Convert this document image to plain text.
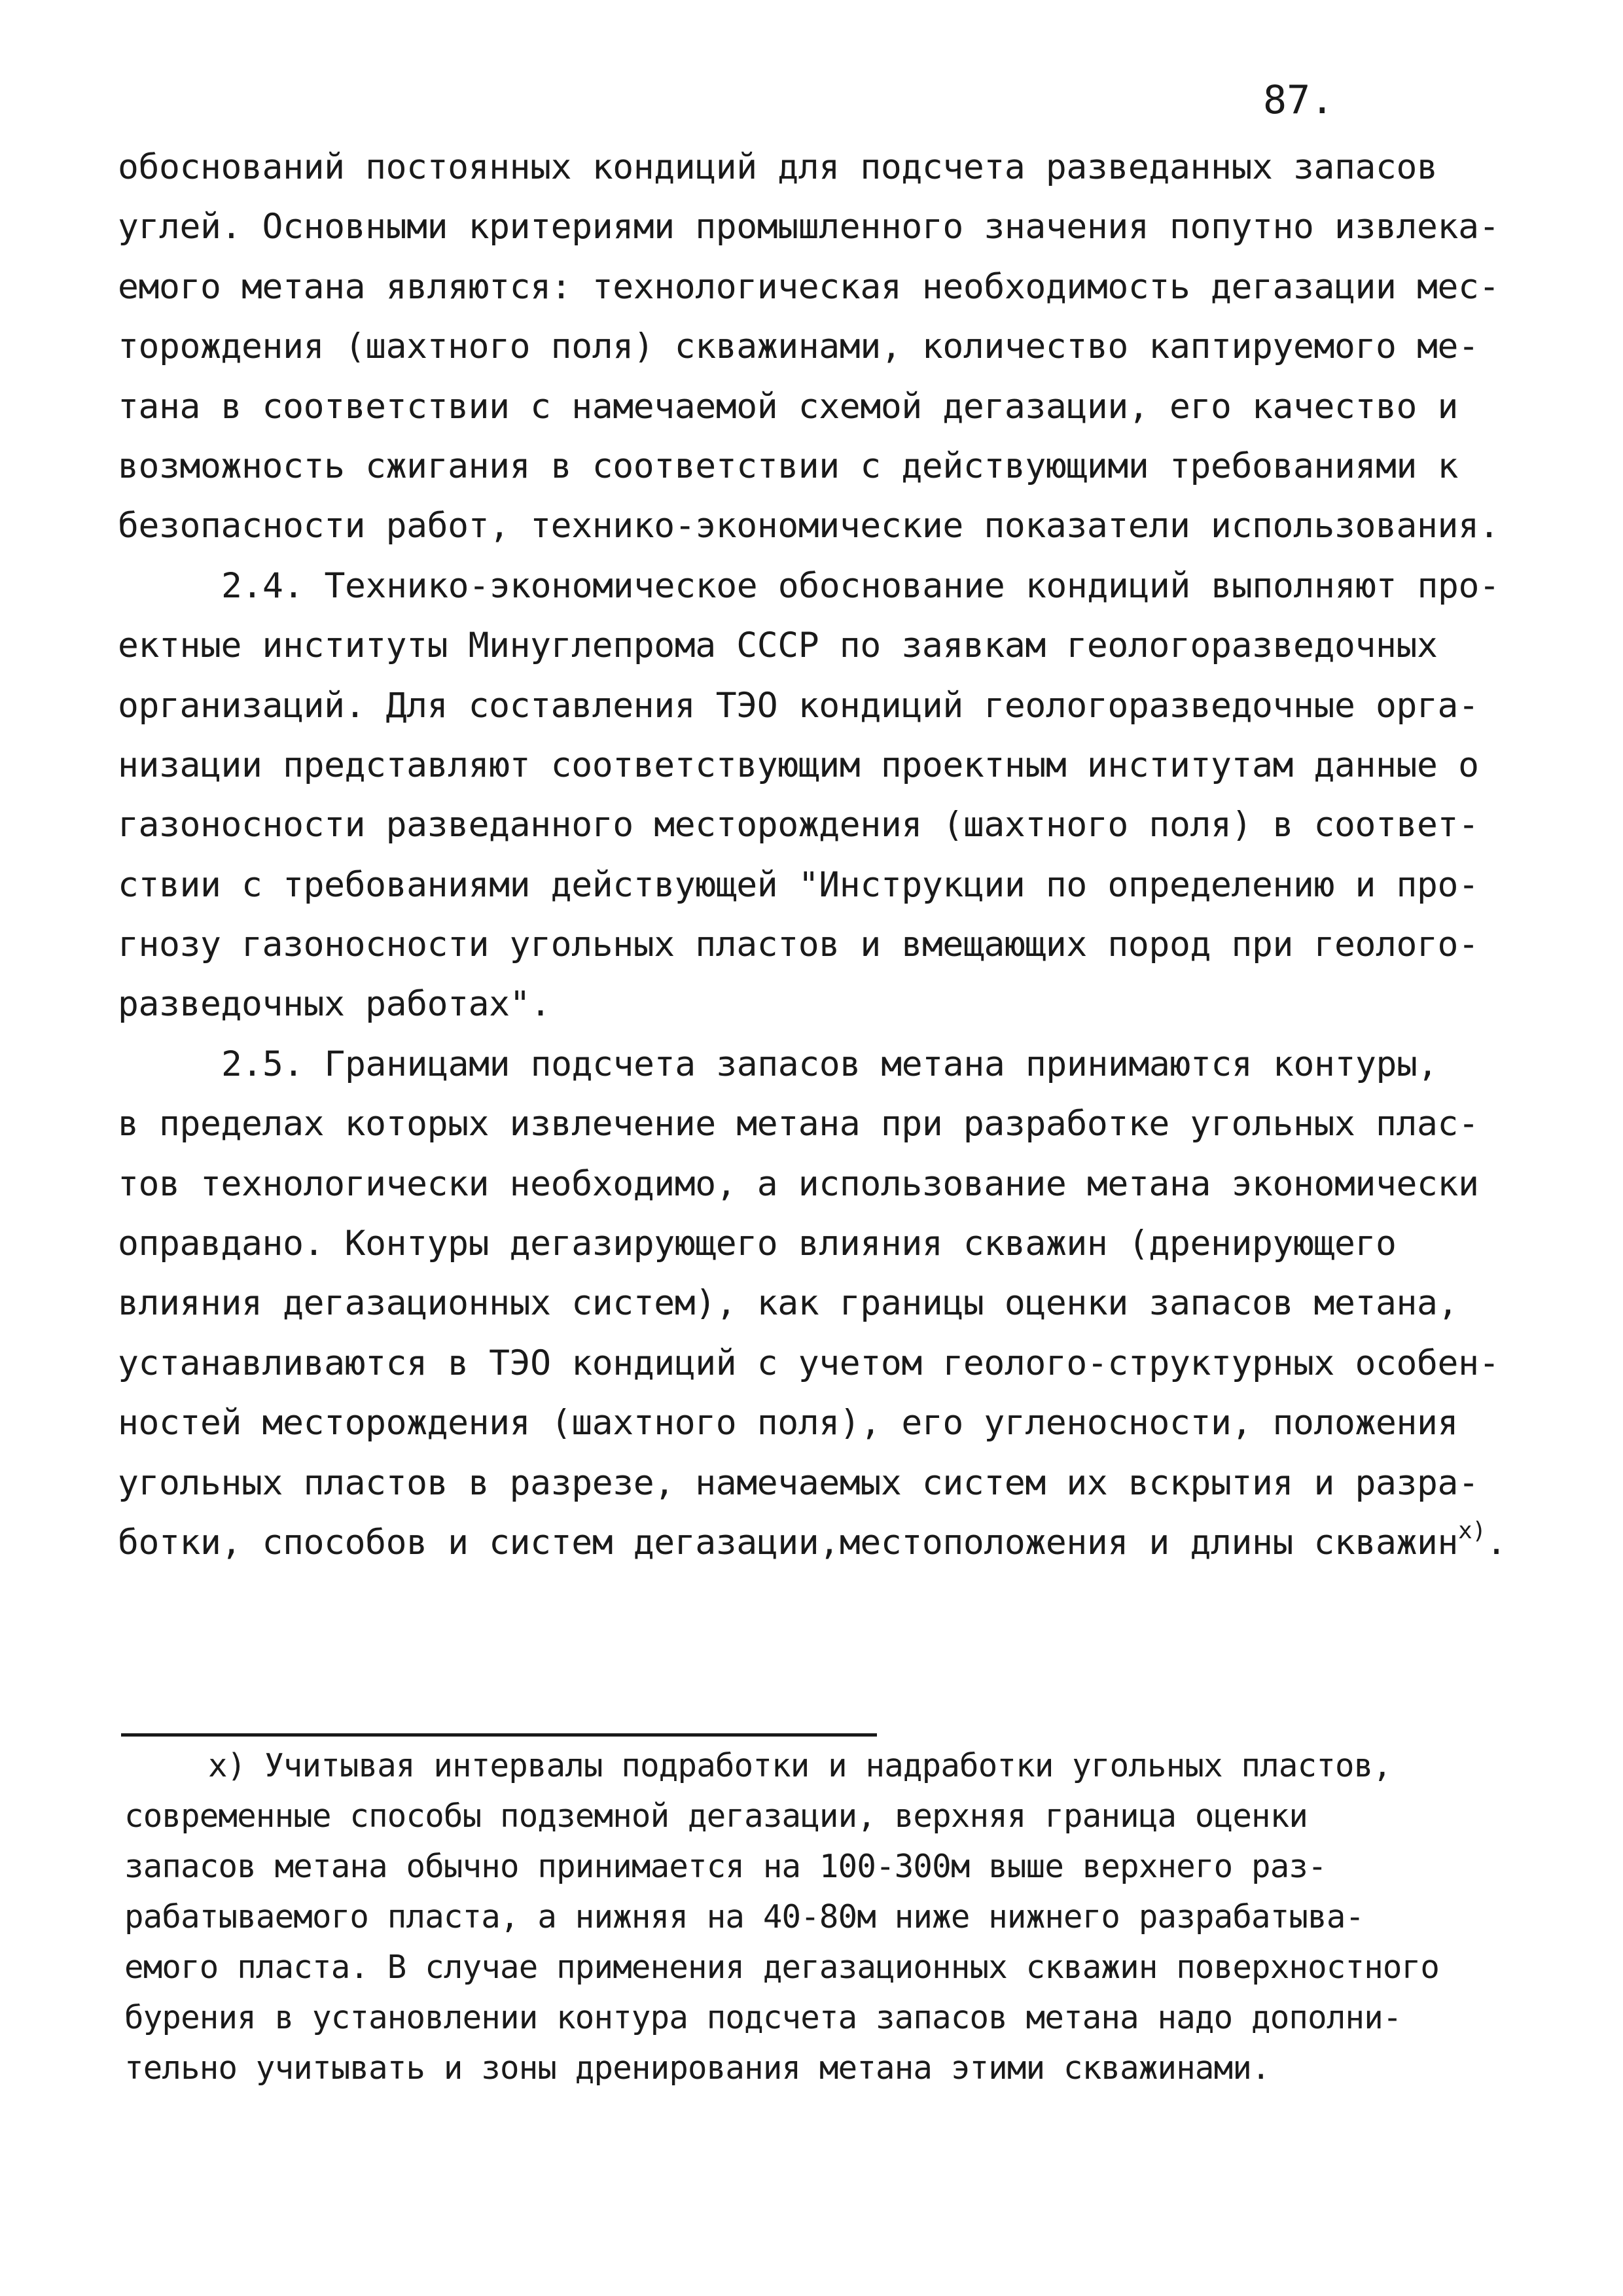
87.
обоснований постоянных кондиций для подсчета разведанных запасов
углей. Основными критериями промышленного значения попутно извлека-
емого метана являются: технологическая необходимость дегазации мес-
торождения (шахтного поля) скважинами, количество каптируемого ме-
тана в соответствии с намечаемой схемой дегазации, его качество и
возможность сжигания в соответствии с действующими требованиями к
безопасности работ, технико-экономические показатели использования.
2.4. Технико-экономическое обоснование кондиций выполняют про-
ектные институты Минуглепрома СССР по заявкам геологоразведочных
организаций. Для составления ТЭО кондиций геологоразведочные орга-
низации представляют соответствующим проектным институтам данные о
газоносности разведанного месторождения (шахтного поля) в соответ-
ствии с требованиями действующей "Инструкции по определению и про-
гнозу газоносности угольных пластов и вмещающих пород при геолого-
разведочных работах".
2.5. Границами подсчета запасов метана принимаются контуры,
в пределах которых извлечение метана при разработке угольных плас-
тов технологически необходимо, а использование метана экономически
оправдано. Контуры дегазирующего влияния скважин (дренирующего
влияния дегазационных систем), как границы оценки запасов метана,
устанавливаются в ТЭО кондиций с учетом геолого-структурных особен-
ностей месторождения (шахтного поля), его угленосности, положения
угольных пластов в разрезе, намечаемых систем их вскрытия и разра-
ботки, способов и систем дегазации,местоположения и длины скважин$^{x)}$.
x) Учитывая интервалы подработки и надработки угольных пластов,
современные способы подземной дегазации, верхняя граница оценки
запасов метана обычно принимается на 100-300м выше верхнего раз-
рабатываемого пласта, а нижняя на 40-80м ниже нижнего разрабатыва-
емого пласта. В случае применения дегазационных скважин поверхностного
бурения в установлении контура подсчета запасов метана надо дополни-
тельно учитывать и зоны дренирования метана этими скважинами.
